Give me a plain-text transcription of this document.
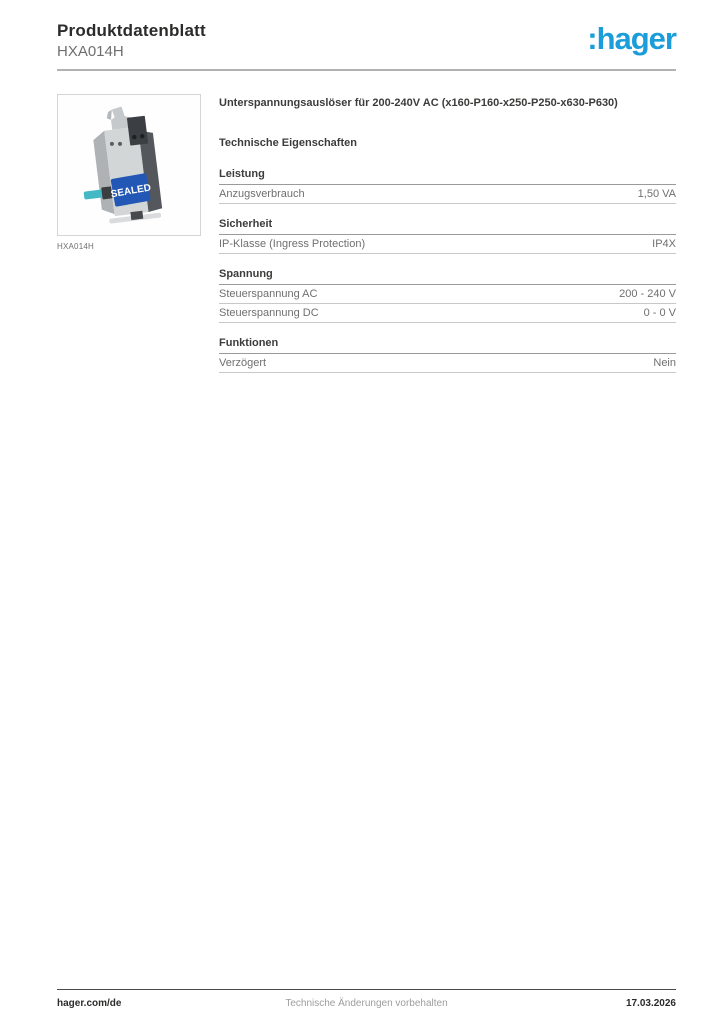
Produktdatenblatt
HXA014H	:hager
SEALED
HXA014H
Unterspannungsauslöser für 200-240V AC (x160-P160-x250-P250-x630-P630)
Technische Eigenschaften
Leistung
Anzugsverbrauch	1,50 VA
Sicherheit
IP-Klasse (Ingress Protection)	IP4X
Spannung
Steuerspannung AC	200 - 240 V
Steuerspannung DC	0 - 0 V
Funktionen
Verzögert	Nein
hager.com/de	Technische Änderungen vorbehalten	17.03.2026
